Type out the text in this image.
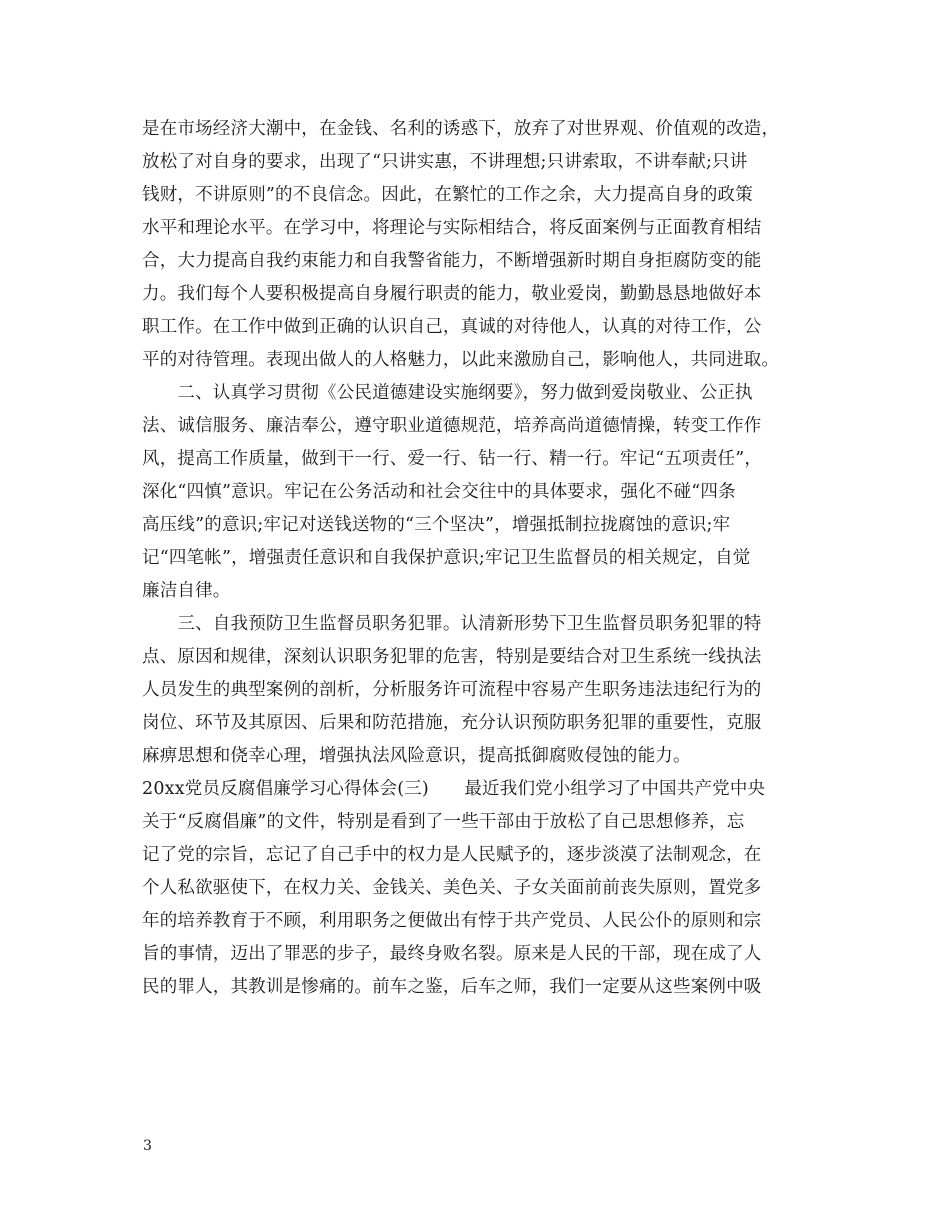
是在市场经济大潮中，在金钱、名利的诱惑下，放弃了对世界观、价值观的改造，
放松了对自身的要求，出现了“只讲实惠，不讲理想;只讲索取，不讲奉献;只讲
钱财，不讲原则”的不良信念。因此，在繁忙的工作之余，大力提高自身的政策
水平和理论水平。在学习中，将理论与实际相结合，将反面案例与正面教育相结
合，大力提高自我约束能力和自我警省能力，不断增强新时期自身拒腐防变的能
力。我们每个人要积极提高自身履行职责的能力，敬业爱岗，勤勤恳恳地做好本
职工作。在工作中做到正确的认识自己，真诚的对待他人，认真的对待工作，公
平的对待管理。表现出做人的人格魅力，以此来激励自己，影响他人，共同进取。
　　二、认真学习贯彻《公民道德建设实施纲要》，努力做到爱岗敬业、公正执
法、诚信服务、廉洁奉公，遵守职业道德规范，培养高尚道德情操，转变工作作
风，提高工作质量，做到干一行、爱一行、钻一行、精一行。牢记“五项责任”，
深化“四慎”意识。牢记在公务活动和社会交往中的具体要求，强化不碰“四条
高压线”的意识;牢记对送钱送物的“三个坚决”，增强抵制拉拢腐蚀的意识;牢
记“四笔帐”，增强责任意识和自我保护意识;牢记卫生监督员的相关规定，自觉
廉洁自律。
　　三、自我预防卫生监督员职务犯罪。认清新形势下卫生监督员职务犯罪的特
点、原因和规律，深刻认识职务犯罪的危害，特别是要结合对卫生系统一线执法
人员发生的典型案例的剖析，分析服务许可流程中容易产生职务违法违纪行为的
岗位、环节及其原因、后果和防范措施，充分认识预防职务犯罪的重要性，克服
麻痹思想和侥幸心理，增强执法风险意识，提高抵御腐败侵蚀的能力。
20xx党员反腐倡廉学习心得体会(三)　　最近我们党小组学习了中国共产党中央
关于“反腐倡廉”的文件，特别是看到了一些干部由于放松了自己思想修养，忘
记了党的宗旨，忘记了自己手中的权力是人民赋予的，逐步淡漠了法制观念，在
个人私欲驱使下，在权力关、金钱关、美色关、子女关面前前丧失原则，置党多
年的培养教育于不顾，利用职务之便做出有悖于共产党员、人民公仆的原则和宗
旨的事情，迈出了罪恶的步子，最终身败名裂。原来是人民的干部，现在成了人
民的罪人，其教训是惨痛的。前车之鉴，后车之师，我们一定要从这些案例中吸
3
